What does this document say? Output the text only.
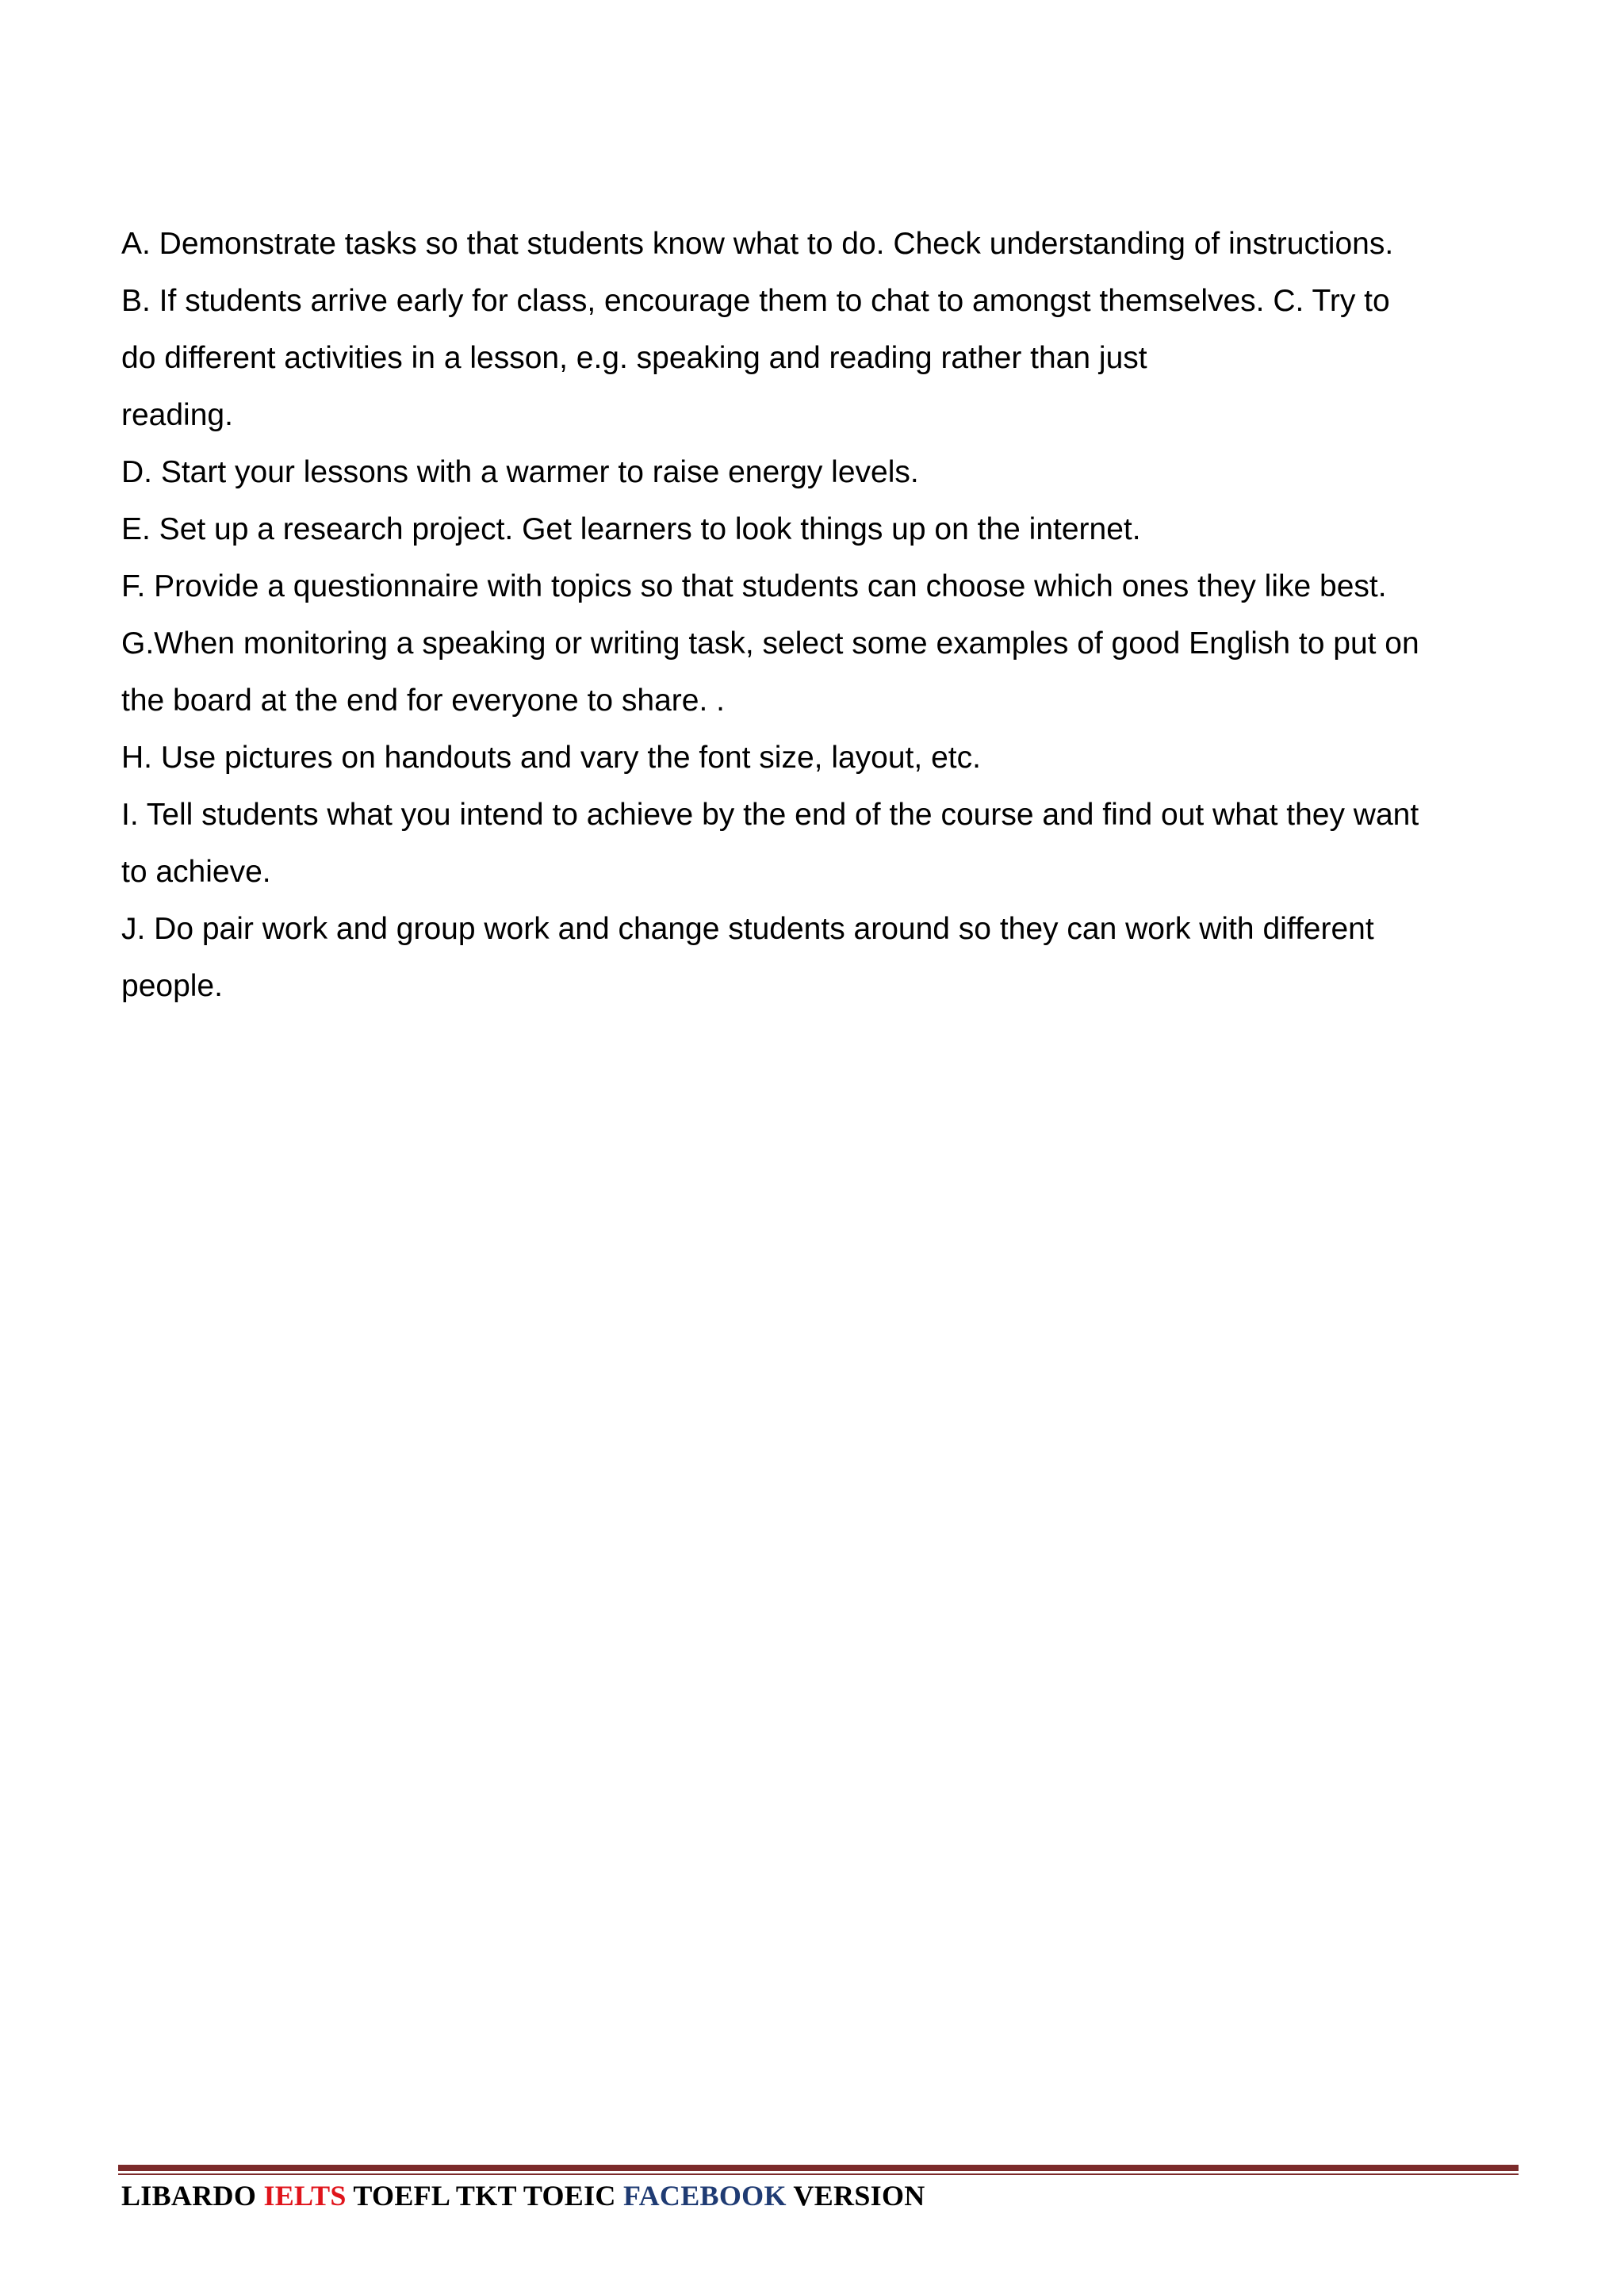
A. Demonstrate tasks so that students know what to do. Check understanding of instructions.
B. If students arrive early for class, encourage them to chat to amongst themselves. C. Try to
do different activities in a lesson, e.g. speaking and reading rather than just
reading.
D. Start your lessons with a warmer to raise energy levels.
E. Set up a research project. Get learners to look things up on the internet.
F. Provide a questionnaire with topics so that students can choose which ones they like best.
G.When monitoring a speaking or writing task, select some examples of good English to put on
the board at the end for everyone to share. .
H. Use pictures on handouts and vary the font size, layout, etc.
I. Tell students what you intend to achieve by the end of the course and find out what they want
to achieve.
J. Do pair work and group work and change students around so they can work with different
people.
LIBARDO IELTS TOEFL TKT TOEIC FACEBOOK VERSION
